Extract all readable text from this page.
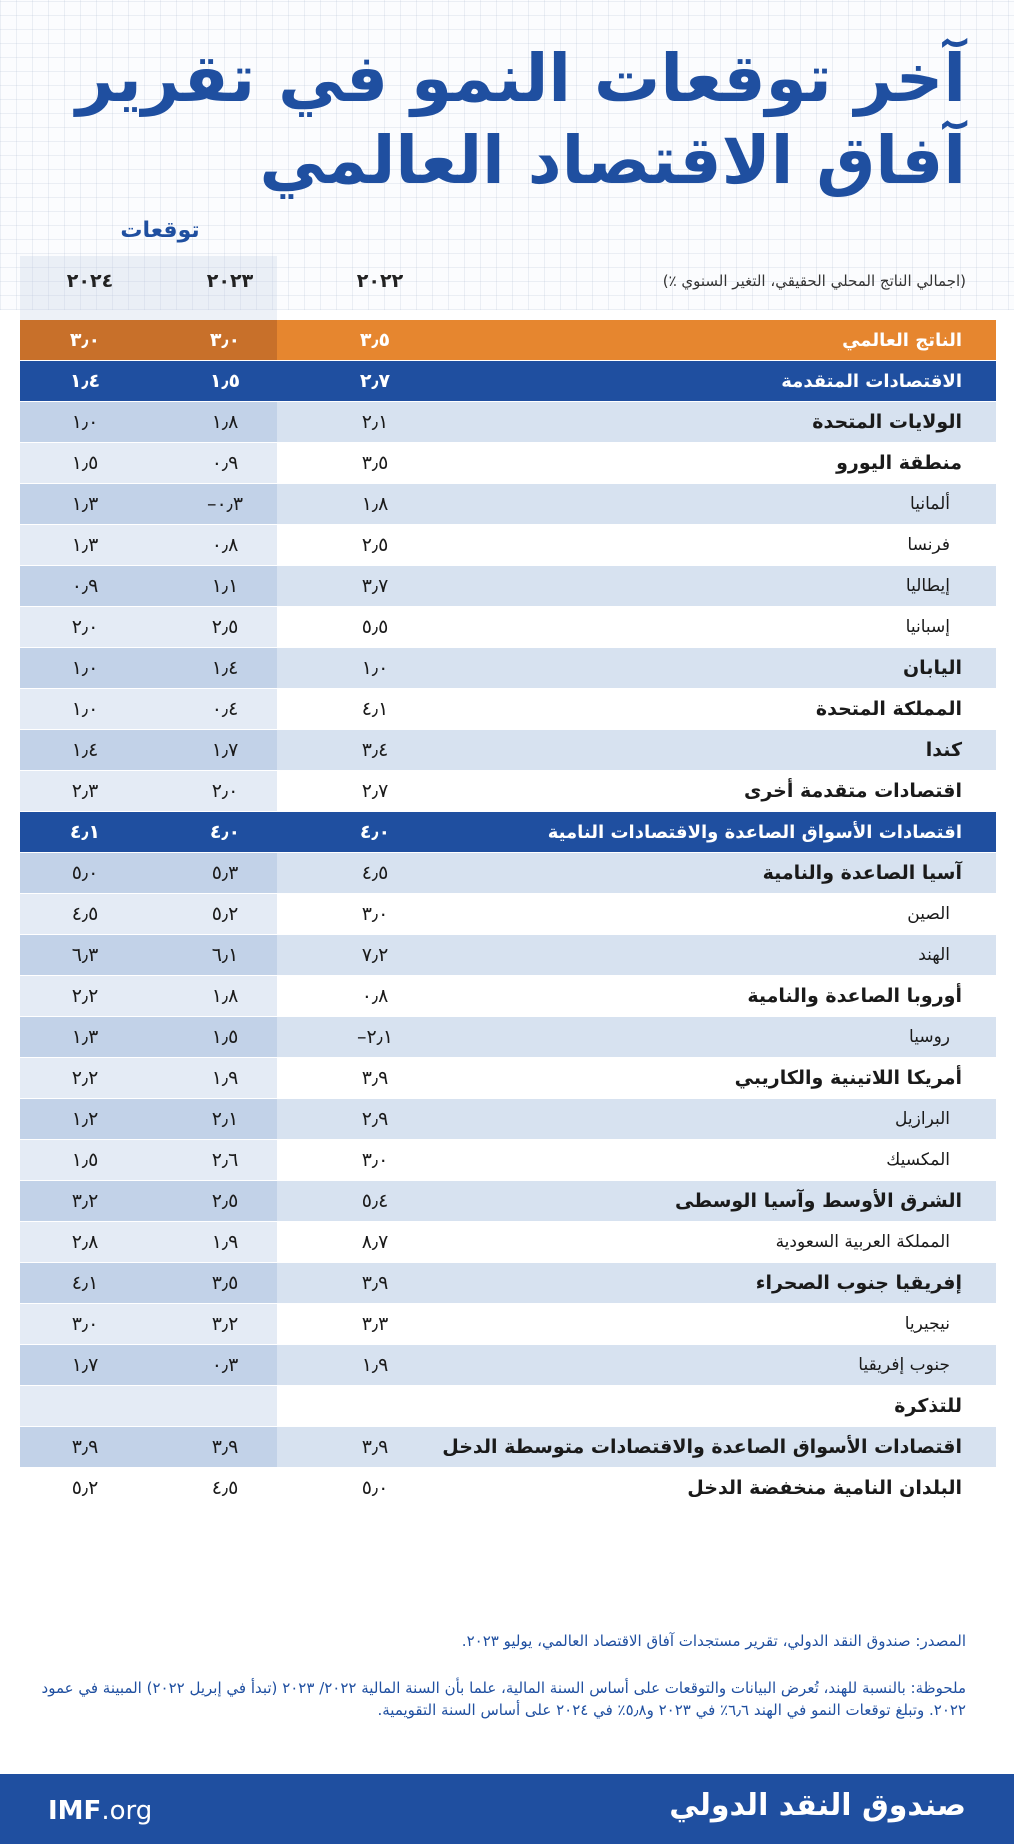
آخر توقعات النمو في تقرير
آفاق الاقتصاد العالمي
توقعات
٢٠٢٤	٢٠٢٣	٢٠٢٢	(اجمالي الناتج المحلي الحقيقي، التغير السنوي ٪)
٣٫٠	٣٫٠	٣٫٥	الناتج العالمي
١٫٤	١٫٥	٢٫٧	الاقتصادات المتقدمة
١٫٠	١٫٨	٢٫١	الولايات المتحدة
١٫٥	٠٫٩	٣٫٥	منطقة اليورو
١٫٣	–٠٫٣	١٫٨	ألمانيا
١٫٣	٠٫٨	٢٫٥	فرنسا
٠٫٩	١٫١	٣٫٧	إيطاليا
٢٫٠	٢٫٥	٥٫٥	إسبانيا
١٫٠	١٫٤	١٫٠	اليابان
١٫٠	٠٫٤	٤٫١	المملكة المتحدة
١٫٤	١٫٧	٣٫٤	كندا
٢٫٣	٢٫٠	٢٫٧	اقتصادات متقدمة أخرى
٤٫١	٤٫٠	٤٫٠	اقتصادات الأسواق الصاعدة والاقتصادات النامية
٥٫٠	٥٫٣	٤٫٥	آسيا الصاعدة والنامية
٤٫٥	٥٫٢	٣٫٠	الصين
٦٫٣	٦٫١	٧٫٢	الهند
٢٫٢	١٫٨	٠٫٨	أوروبا الصاعدة والنامية
١٫٣	١٫٥	–٢٫١	روسيا
٢٫٢	١٫٩	٣٫٩	أمريكا اللاتينية والكاريبي
١٫٢	٢٫١	٢٫٩	البرازيل
١٫٥	٢٫٦	٣٫٠	المكسيك
٣٫٢	٢٫٥	٥٫٤	الشرق الأوسط وآسيا الوسطى
٢٫٨	١٫٩	٨٫٧	المملكة العربية السعودية
٤٫١	٣٫٥	٣٫٩	إفريقيا جنوب الصحراء
٣٫٠	٣٫٢	٣٫٣	نيجيريا
١٫٧	٠٫٣	١٫٩	جنوب إفريقيا
للتذكرة
٣٫٩	٣٫٩	٣٫٩	اقتصادات الأسواق الصاعدة والاقتصادات متوسطة الدخل
٥٫٢	٤٫٥	٥٫٠	البلدان النامية منخفضة الدخل
المصدر: صندوق النقد الدولي، تقرير مستجدات آفاق الاقتصاد العالمي، يوليو ٢٠٢٣.
ملحوظة: بالنسبة للهند، تُعرض البيانات والتوقعات على أساس السنة المالية، علما بأن السنة المالية ٢٠٢٢/ ٢٠٢٣ (تبدأ في إبريل ٢٠٢٢) المبينة في عمود ٢٠٢٢. وتبلغ توقعات النمو في الهند ٦٫٦٪ في ٢٠٢٣ و٥٫٨٪ في ٢٠٢٤ على أساس السنة التقويمية.
صندوق النقد الدولي
IMF.org
